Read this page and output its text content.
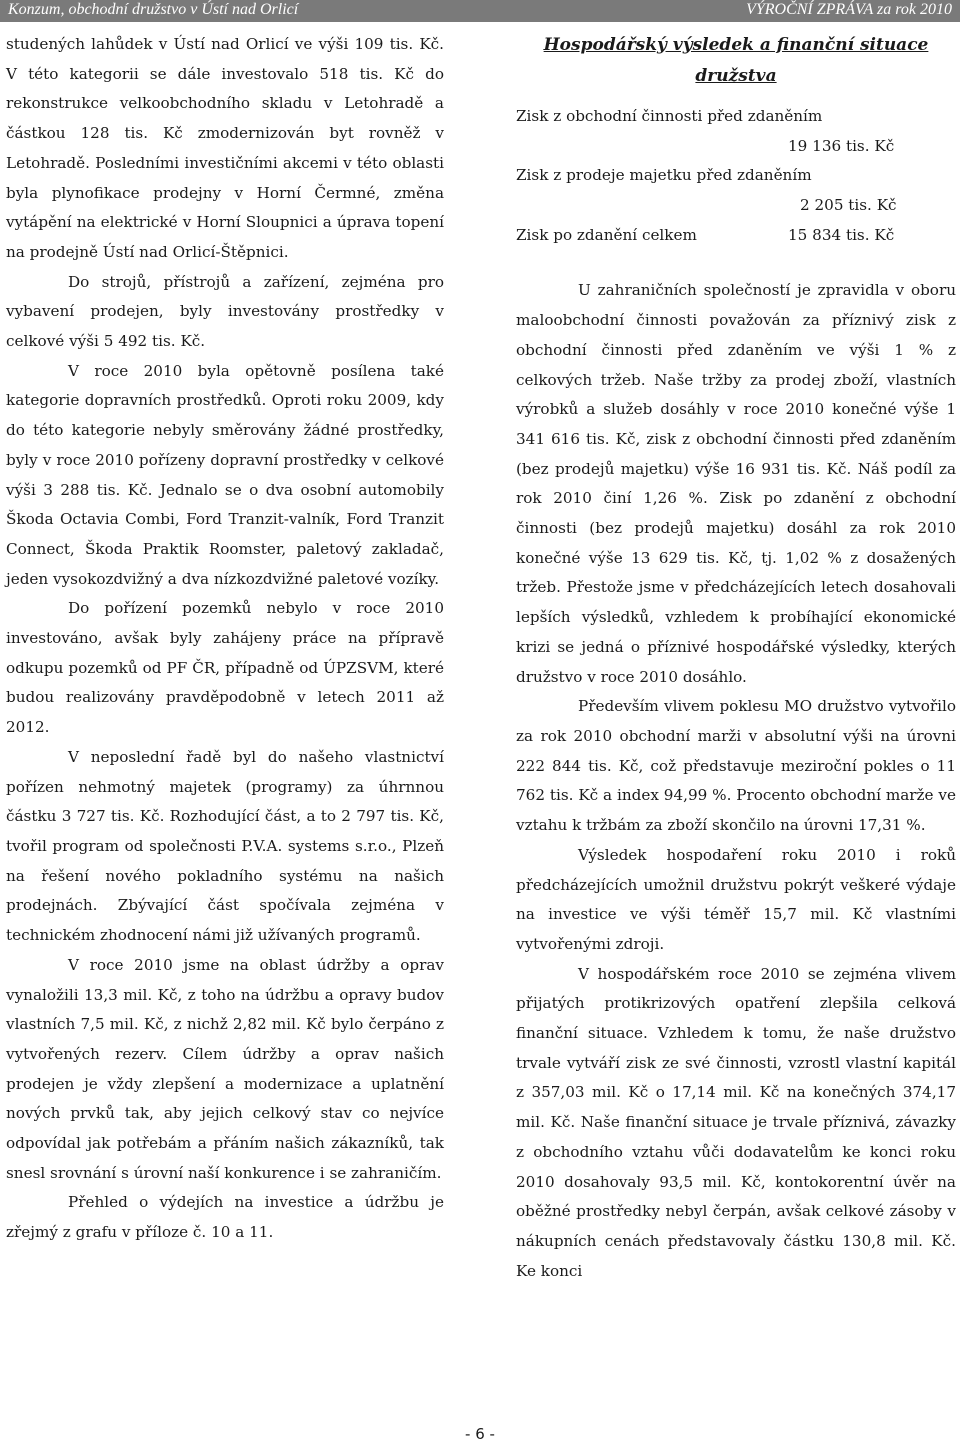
Konzum, obchodní družstvo v Ústí nad Orlicí	VÝROČNÍ ZPRÁVA za rok 2010

studených lahůdek v Ústí nad Orlicí ve výši 109 tis. Kč. V této kategorii se dále investovalo 518 tis. Kč do rekonstrukce velkoobchodního skladu v Letohradě a částkou 128 tis. Kč zmodernizován byt rovněž v Letohradě. Posledními investičními akcemi v této oblasti byla plynofikace prodejny v Horní Čermné, změna vytápění na elektrické v Horní Sloupnici a úprava topení na prodejně Ústí nad Orlicí-Štěpnici.

Do strojů, přístrojů a zařízení, zejména pro vybavení prodejen, byly investovány prostředky v celkové výši 5 492 tis. Kč.

V roce 2010 byla opětovně posílena také kategorie dopravních prostředků. Oproti roku 2009, kdy do této kategorie nebyly směrovány žádné prostředky, byly v roce 2010 pořízeny dopravní prostředky v celkové výši 3 288 tis. Kč. Jednalo se o dva osobní automobily Škoda Octavia Combi, Ford Tranzit-valník, Ford Tranzit Connect, Škoda Praktik Roomster, paletový zakladač, jeden vysokozdvižný a dva nízkozdvižné paletové vozíky.

Do pořízení pozemků nebylo v roce 2010 investováno, avšak byly zahájeny práce na přípravě odkupu pozemků od PF ČR, případně od ÚPZSVM, které budou realizovány pravděpodobně v letech 2011 až 2012.

V neposlední řadě byl do našeho vlastnictví pořízen nehmotný majetek (programy) za úhrnnou částku 3 727 tis. Kč. Rozhodující část, a to 2 797 tis. Kč, tvořil program od společnosti P.V.A. systems s.r.o., Plzeň na řešení nového pokladního systému na našich prodejnách. Zbývající část spočívala zejména v technickém zhodnocení námi již užívaných programů.

V roce 2010 jsme na oblast údržby a oprav vynaložili 13,3 mil. Kč, z toho na údržbu a opravy budov vlastních 7,5 mil. Kč, z nichž 2,82 mil. Kč bylo čerpáno z vytvořených rezerv. Cílem údržby a oprav našich prodejen je vždy zlepšení a modernizace a uplatnění nových prvků tak, aby jejich celkový stav co nejvíce odpovídal jak potřebám a přáním našich zákazníků, tak snesl srovnání s úrovní naší konkurence i se zahraničím.

Přehled o výdejích na investice a údržbu je zřejmý z grafu v příloze č. 10 a 11.

Hospodářský výsledek a finanční situace
družstva
Zisk z obchodní činnosti před zdaněním
19 136 tis. Kč
Zisk z prodeje majetku před zdaněním
2 205 tis. Kč
Zisk po zdanění celkem	15 834 tis. Kč

U zahraničních společností je zpravidla v oboru maloobchodní činnosti považován za příznivý zisk z obchodní činnosti před zdaněním ve výši 1 % z celkových tržeb. Naše tržby za prodej zboží, vlastních výrobků a služeb dosáhly v roce 2010 konečné výše 1 341 616 tis. Kč, zisk z obchodní činnosti před zdaněním (bez prodejů majetku) výše 16 931 tis. Kč. Náš podíl za rok 2010 činí 1,26 %. Zisk po zdanění z obchodní činnosti (bez prodejů majetku) dosáhl za rok 2010 konečné výše 13 629 tis. Kč, tj. 1,02 % z dosažených tržeb. Přestože jsme v předcházejících letech dosahovali lepších výsledků, vzhledem k probíhající ekonomické krizi se jedná o příznivé hospodářské výsledky, kterých družstvo v roce 2010 dosáhlo.

Především vlivem poklesu MO družstvo vytvořilo za rok 2010 obchodní marži v absolutní výši na úrovni 222 844 tis. Kč, což představuje meziroční pokles o 11 762 tis. Kč a index 94,99 %. Procento obchodní marže ve vztahu k tržbám za zboží skončilo na úrovni 17,31 %.

Výsledek hospodaření roku 2010 i roků předcházejících umožnil družstvu pokrýt veškeré výdaje na investice ve výši téměř 15,7 mil. Kč vlastními vytvořenými zdroji.

V hospodářském roce 2010 se zejména vlivem přijatých protikrizových opatření zlepšila celková finanční situace. Vzhledem k tomu, že naše družstvo trvale vytváří zisk ze své činnosti, vzrostl vlastní kapitál z 357,03 mil. Kč o 17,14 mil. Kč na konečných 374,17 mil. Kč. Naše finanční situace je trvale příznivá, závazky z obchodního vztahu vůči dodavatelům ke konci roku 2010 dosahovaly 93,5 mil. Kč, kontokorentní úvěr na oběžné prostředky nebyl čerpán, avšak celkové zásoby v nákupních cenách představovaly částku 130,8 mil. Kč. Ke konci

- 6 -
